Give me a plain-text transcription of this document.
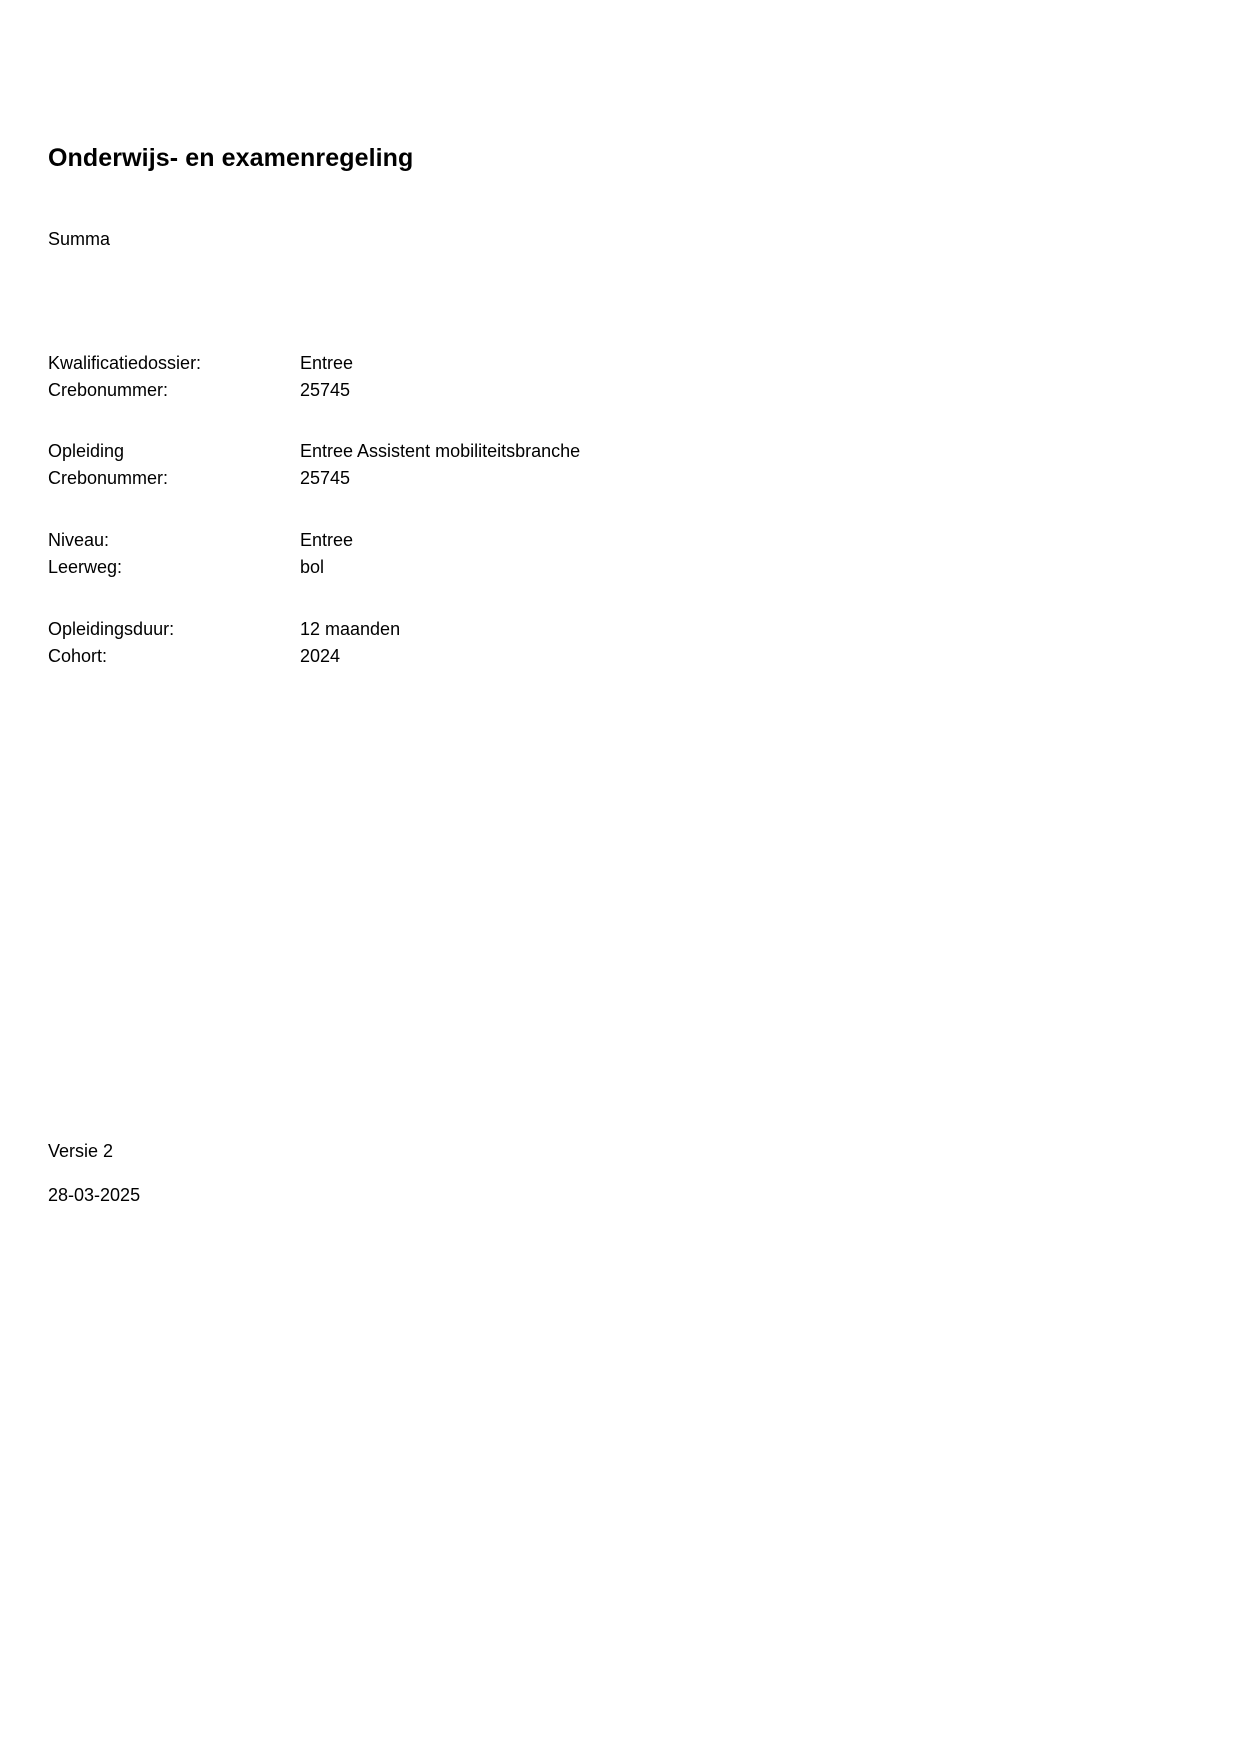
Onderwijs- en examenregeling
Summa
Kwalificatiedossier:	Entree
Crebonummer:	25745
Opleiding	Entree Assistent mobiliteitsbranche
Crebonummer:	25745
Niveau:	Entree
Leerweg:	bol
Opleidingsduur:	12 maanden
Cohort:	2024
Versie 2
28-03-2025
